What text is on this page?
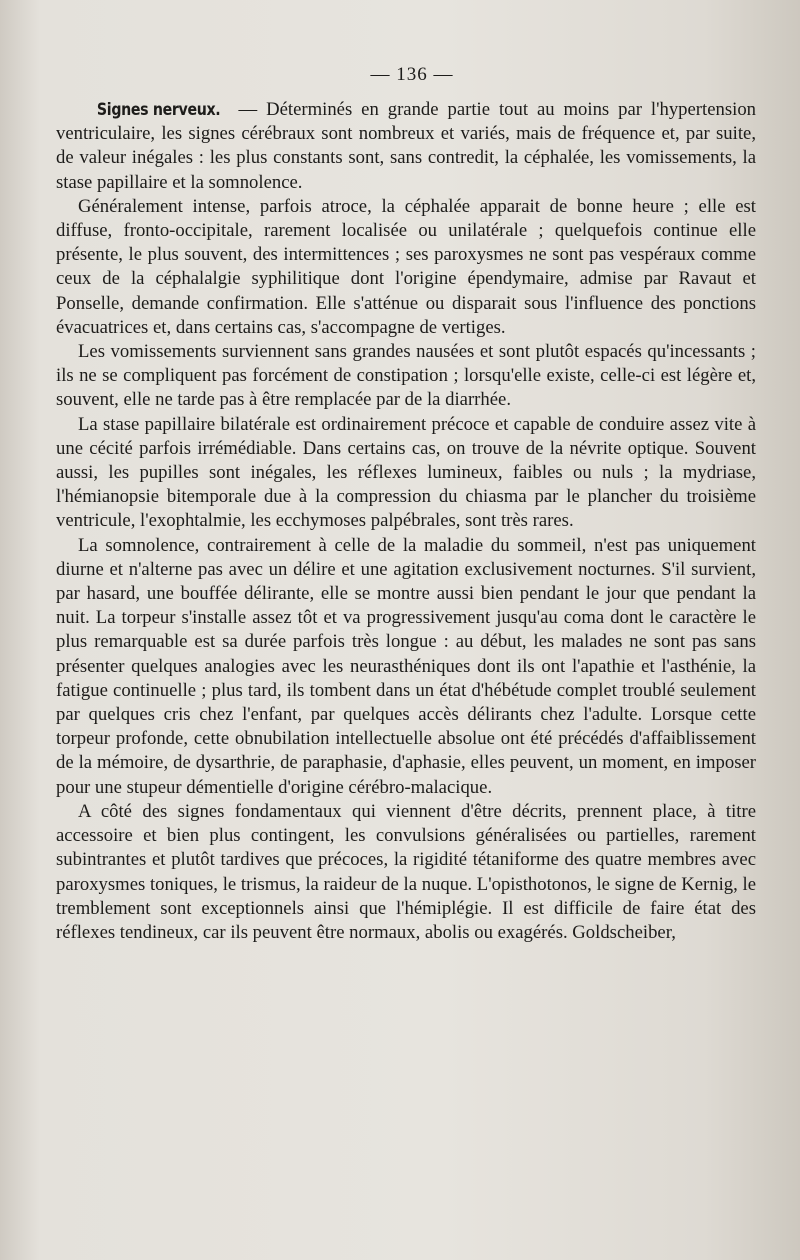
— 136 —

Signes nerveux. — Déterminés en grande partie tout au moins par l'hypertension ventriculaire, les signes cérébraux sont nombreux et variés, mais de fréquence et, par suite, de valeur inégales : les plus constants sont, sans contredit, la céphalée, les vomissements, la stase papillaire et la somnolence.

Généralement intense, parfois atroce, la céphalée apparait de bonne heure ; elle est diffuse, fronto-occipitale, rarement localisée ou unilatérale ; quelquefois continue elle présente, le plus souvent, des intermittences ; ses paroxysmes ne sont pas vespéraux comme ceux de la céphalalgie syphilitique dont l'origine épendymaire, admise par Ravaut et Ponselle, demande confirmation. Elle s'atténue ou disparait sous l'influence des ponctions évacuatrices et, dans certains cas, s'accompagne de vertiges.

Les vomissements surviennent sans grandes nausées et sont plutôt espacés qu'incessants ; ils ne se compliquent pas forcément de constipation ; lorsqu'elle existe, celle-ci est légère et, souvent, elle ne tarde pas à être remplacée par de la diarrhée.

La stase papillaire bilatérale est ordinairement précoce et capable de conduire assez vite à une cécité parfois irrémédiable. Dans certains cas, on trouve de la névrite optique. Souvent aussi, les pupilles sont inégales, les réflexes lumineux, faibles ou nuls ; la mydriase, l'hémianopsie bitemporale due à la compression du chiasma par le plancher du troisième ventricule, l'exophtalmie, les ecchymoses palpébrales, sont très rares.

La somnolence, contrairement à celle de la maladie du sommeil, n'est pas uniquement diurne et n'alterne pas avec un délire et une agitation exclusivement nocturnes. S'il survient, par hasard, une bouffée délirante, elle se montre aussi bien pendant le jour que pendant la nuit. La torpeur s'installe assez tôt et va progressivement jusqu'au coma dont le caractère le plus remarquable est sa durée parfois très longue : au début, les malades ne sont pas sans présenter quelques analogies avec les neurasthéniques dont ils ont l'apathie et l'asthénie, la fatigue continuelle ; plus tard, ils tombent dans un état d'hébétude complet troublé seulement par quelques cris chez l'enfant, par quelques accès délirants chez l'adulte. Lorsque cette torpeur profonde, cette obnubilation intellectuelle absolue ont été précédés d'affaiblissement de la mémoire, de dysarthrie, de paraphasie, d'aphasie, elles peuvent, un moment, en imposer pour une stupeur démentielle d'origine cérébro-malacique.

A côté des signes fondamentaux qui viennent d'être décrits, prennent place, à titre accessoire et bien plus contingent, les convulsions généralisées ou partielles, rarement subintrantes et plutôt tardives que précoces, la rigidité tétaniforme des quatre membres avec paroxysmes toniques, le trismus, la raideur de la nuque. L'opisthotonos, le signe de Kernig, le tremblement sont exceptionnels ainsi que l'hémiplégie. Il est difficile de faire état des réflexes tendineux, car ils peuvent être normaux, abolis ou exagérés. Goldscheiber,
